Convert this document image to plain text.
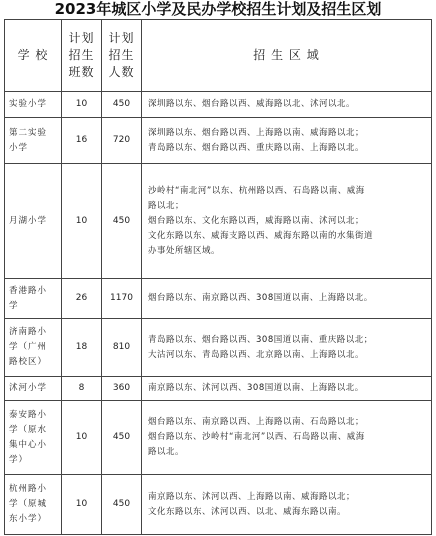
2023年城区小学及民办学校招生计划及招生区划
学 校	计划
招生
班数	计划
招生
人数	招 生 区 域

实验小学	10	450	深圳路以东、烟台路以西、威海路以北、沭河以北。

第二实验
小学	16	720	深圳路以东、烟台路以西、上海路以南、威海路以北；
青岛路以东、烟台路以西、重庆路以南、上海路以北。

月湖小学	10	450	沙岭村“南北河”以东、杭州路以西、石岛路以南、威海
路以北；
烟台路以东、文化东路以西，威海路以南、沭河以北；
文化东路以东、威海支路以西、威海东路以南的水集街道
办事处所辖区域。

香港路小
学	26	1170	烟台路以东、南京路以西、308国道以南、上海路以北。

济南路小
学（广州
路校区）	18	810	青岛路以东、烟台路以西、308国道以南、重庆路以北；
大沽河以东、青岛路以西、北京路以南、上海路以北。

沭河小学	8	360	南京路以东、沭河以西、308国道以南、上海路以北。

泰安路小
学（原水
集中心小
学）	10	450	烟台路以东、南京路以西、上海路以南、石岛路以北；
烟台路以东、沙岭村“南北河”以西、石岛路以南、威海
路以北。

杭州路小
学（原城
东小学）	10	450	南京路以东、沭河以西、上海路以南、威海路以北；
文化东路以东、沭河以西、以北、威海东路以南。
